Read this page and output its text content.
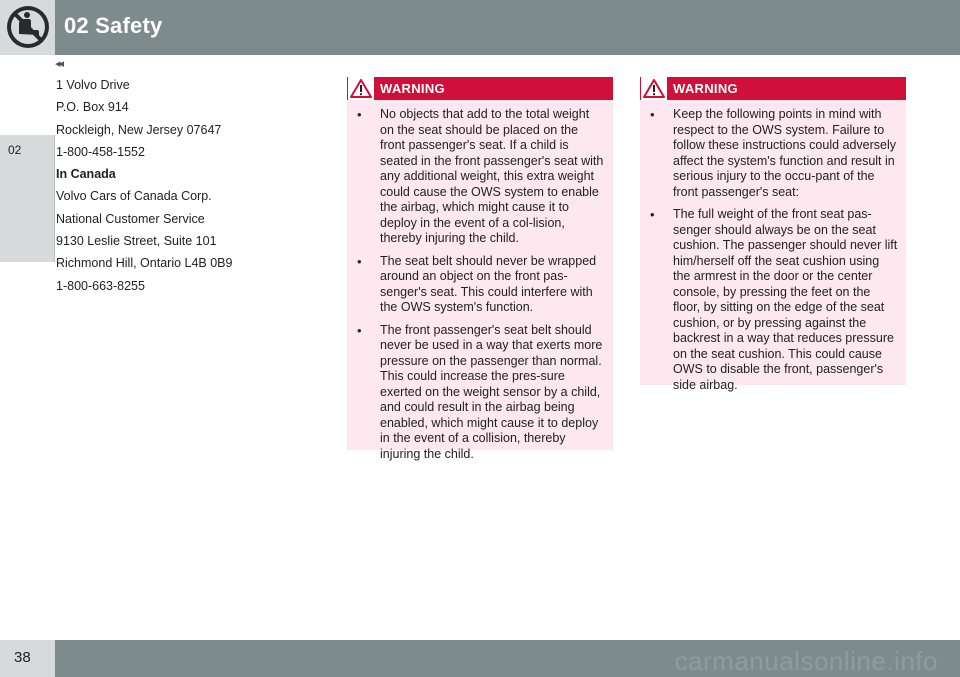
02 Safety
02
◂◂
1 Volvo Drive
P.O. Box 914
Rockleigh, New Jersey 07647
1-800-458-1552
In Canada
Volvo Cars of Canada Corp.
National Customer Service
9130 Leslie Street, Suite 101
Richmond Hill, Ontario L4B 0B9
1-800-663-8255
WARNING
• No objects that add to the total weight on the seat should be placed on the front passenger's seat. If a child is seated in the front passenger's seat with any additional weight, this extra weight could cause the OWS system to enable the airbag, which might cause it to deploy in the event of a col-lision, thereby injuring the child.
• The seat belt should never be wrapped around an object on the front pas-senger's seat. This could interfere with the OWS system's function.
• The front passenger's seat belt should never be used in a way that exerts more pressure on the passenger than normal. This could increase the pres-sure exerted on the weight sensor by a child, and could result in the airbag being enabled, which might cause it to deploy in the event of a collision, thereby injuring the child.
WARNING
• Keep the following points in mind with respect to the OWS system. Failure to follow these instructions could adversely affect the system's function and result in serious injury to the occu-pant of the front passenger's seat:
• The full weight of the front seat pas-senger should always be on the seat cushion. The passenger should never lift him/herself off the seat cushion using the armrest in the door or the center console, by pressing the feet on the floor, by sitting on the edge of the seat cushion, or by pressing against the backrest in a way that reduces pressure on the seat cushion. This could cause OWS to disable the front, passenger's side airbag.
38	carmanualsonline.info
